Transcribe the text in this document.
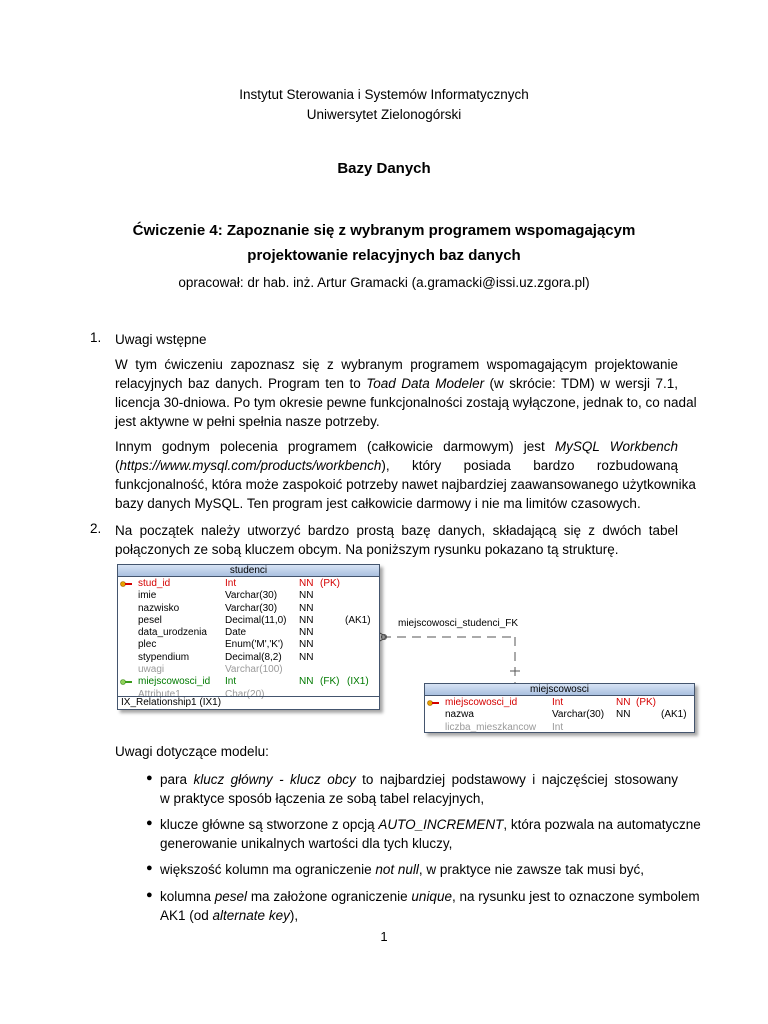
Instytut Sterowania i Systemów Informatycznych
Uniwersytet Zielonogórski
Bazy Danych
Ćwiczenie 4: Zapoznanie się z wybranym programem wspomagającym
projektowanie relacyjnych baz danych
opracował: dr hab. inż. Artur Gramacki (a.gramacki@issi.uz.zgora.pl)
1. Uwagi wstępne
W tym ćwiczeniu zapoznasz się z wybranym programem wspomagającym projektowanie
relacyjnych baz danych. Program ten to Toad Data Modeler (w skrócie: TDM) w wersji 7.1,
licencja 30-dniowa. Po tym okresie pewne funkcjonalności zostają wyłączone, jednak to, co nadal
jest aktywne w pełni spełnia nasze potrzeby.
Innym godnym polecenia programem (całkowicie darmowym) jest MySQL Workbench
(https://www.mysql.com/products/workbench), który posiada bardzo rozbudowaną
funkcjonalność, która może zaspokoić potrzeby nawet najbardziej zaawansowanego użytkownika
bazy danych MySQL. Ten program jest całkowicie darmowy i nie ma limitów czasowych.
2. Na początek należy utworzyć bardzo prostą bazę danych, składającą się z dwóch tabel
połączonych ze sobą kluczem obcym. Na poniższym rysunku pokazano tą strukturę.
miejscowosci_studenci_FK
studenci
stud_id	Int	NN (PK)
imie	Varchar(30) NN
nazwisko	Varchar(30) NN
pesel	Decimal(11,0) NN	(AK1)
data_urodzenia Date	NN
plec	Enum('M','K') NN
stypendium	Decimal(8,2) NN
uwagi	Varchar(100)
miejscowosci_id Int	NN (FK) (IX1)
Attribute1	Char(20)
IX_Relationship1 (IX1)
miejscowosci
miejscowosci_id	Int	NN (PK)
nazwa	Varchar(30) NN	(AK1)
liczba_mieszkancow Int
Uwagi dotyczące modelu:
● para klucz główny - klucz obcy to najbardziej podstawowy i najczęściej stosowany
w praktyce sposób łączenia ze sobą tabel relacyjnych,
● klucze główne są stworzone z opcją AUTO_INCREMENT, która pozwala na automatyczne
generowanie unikalnych wartości dla tych kluczy,
● większość kolumn ma ograniczenie not null, w praktyce nie zawsze tak musi być,
● kolumna pesel ma założone ograniczenie unique, na rysunku jest to oznaczone symbolem
AK1 (od alternate key),
1
